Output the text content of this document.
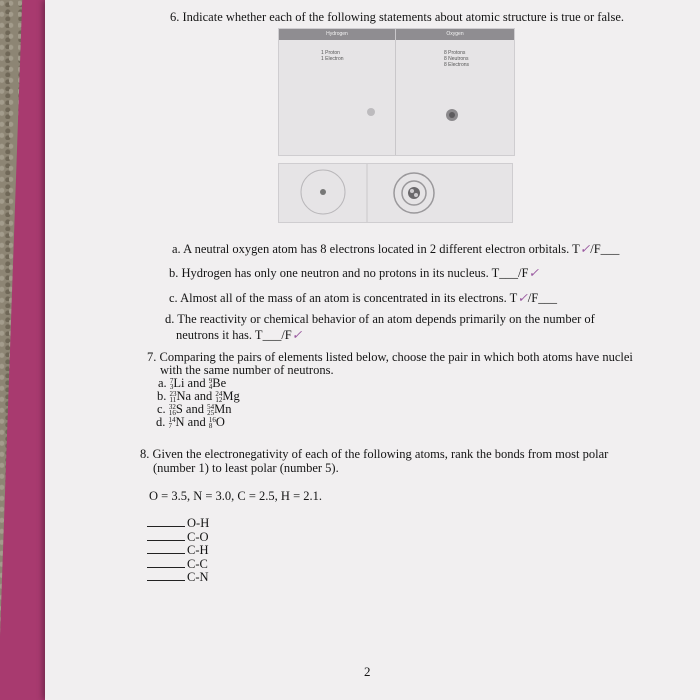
6. Indicate whether each of the following statements about atomic structure is true or false.
Hydrogen	Oxygen
1 Proton
1 Electron
8 Protons
8 Neutrons
8 Electrons
a. A neutral oxygen atom has 8 electrons located in 2 different electron orbitals. T✓/F___
b. Hydrogen has only one neutron and no protons in its nucleus. T___/F✓
c. Almost all of the mass of an atom is concentrated in its electrons. T✓/F___
d. The reactivity or chemical behavior of an atom depends primarily on the number of
neutrons it has. T___/F✓
7. Comparing the pairs of elements listed below, choose the pair in which both atoms have nuclei
with the same number of neutrons.
a. 7
3 Li and 9
4 Be
b. 23
11 Na and 24
12 Mg
c. 32
16 S and 54
25 Mn
d. 14
7 N and 16
8 O
8. Given the electronegativity of each of the following atoms, rank the bonds from most polar
(number 1) to least polar (number 5).
O = 3.5, N = 3.0, C = 2.5, H = 2.1.
O-H
C-O
C-H
C-C
C-N
2
